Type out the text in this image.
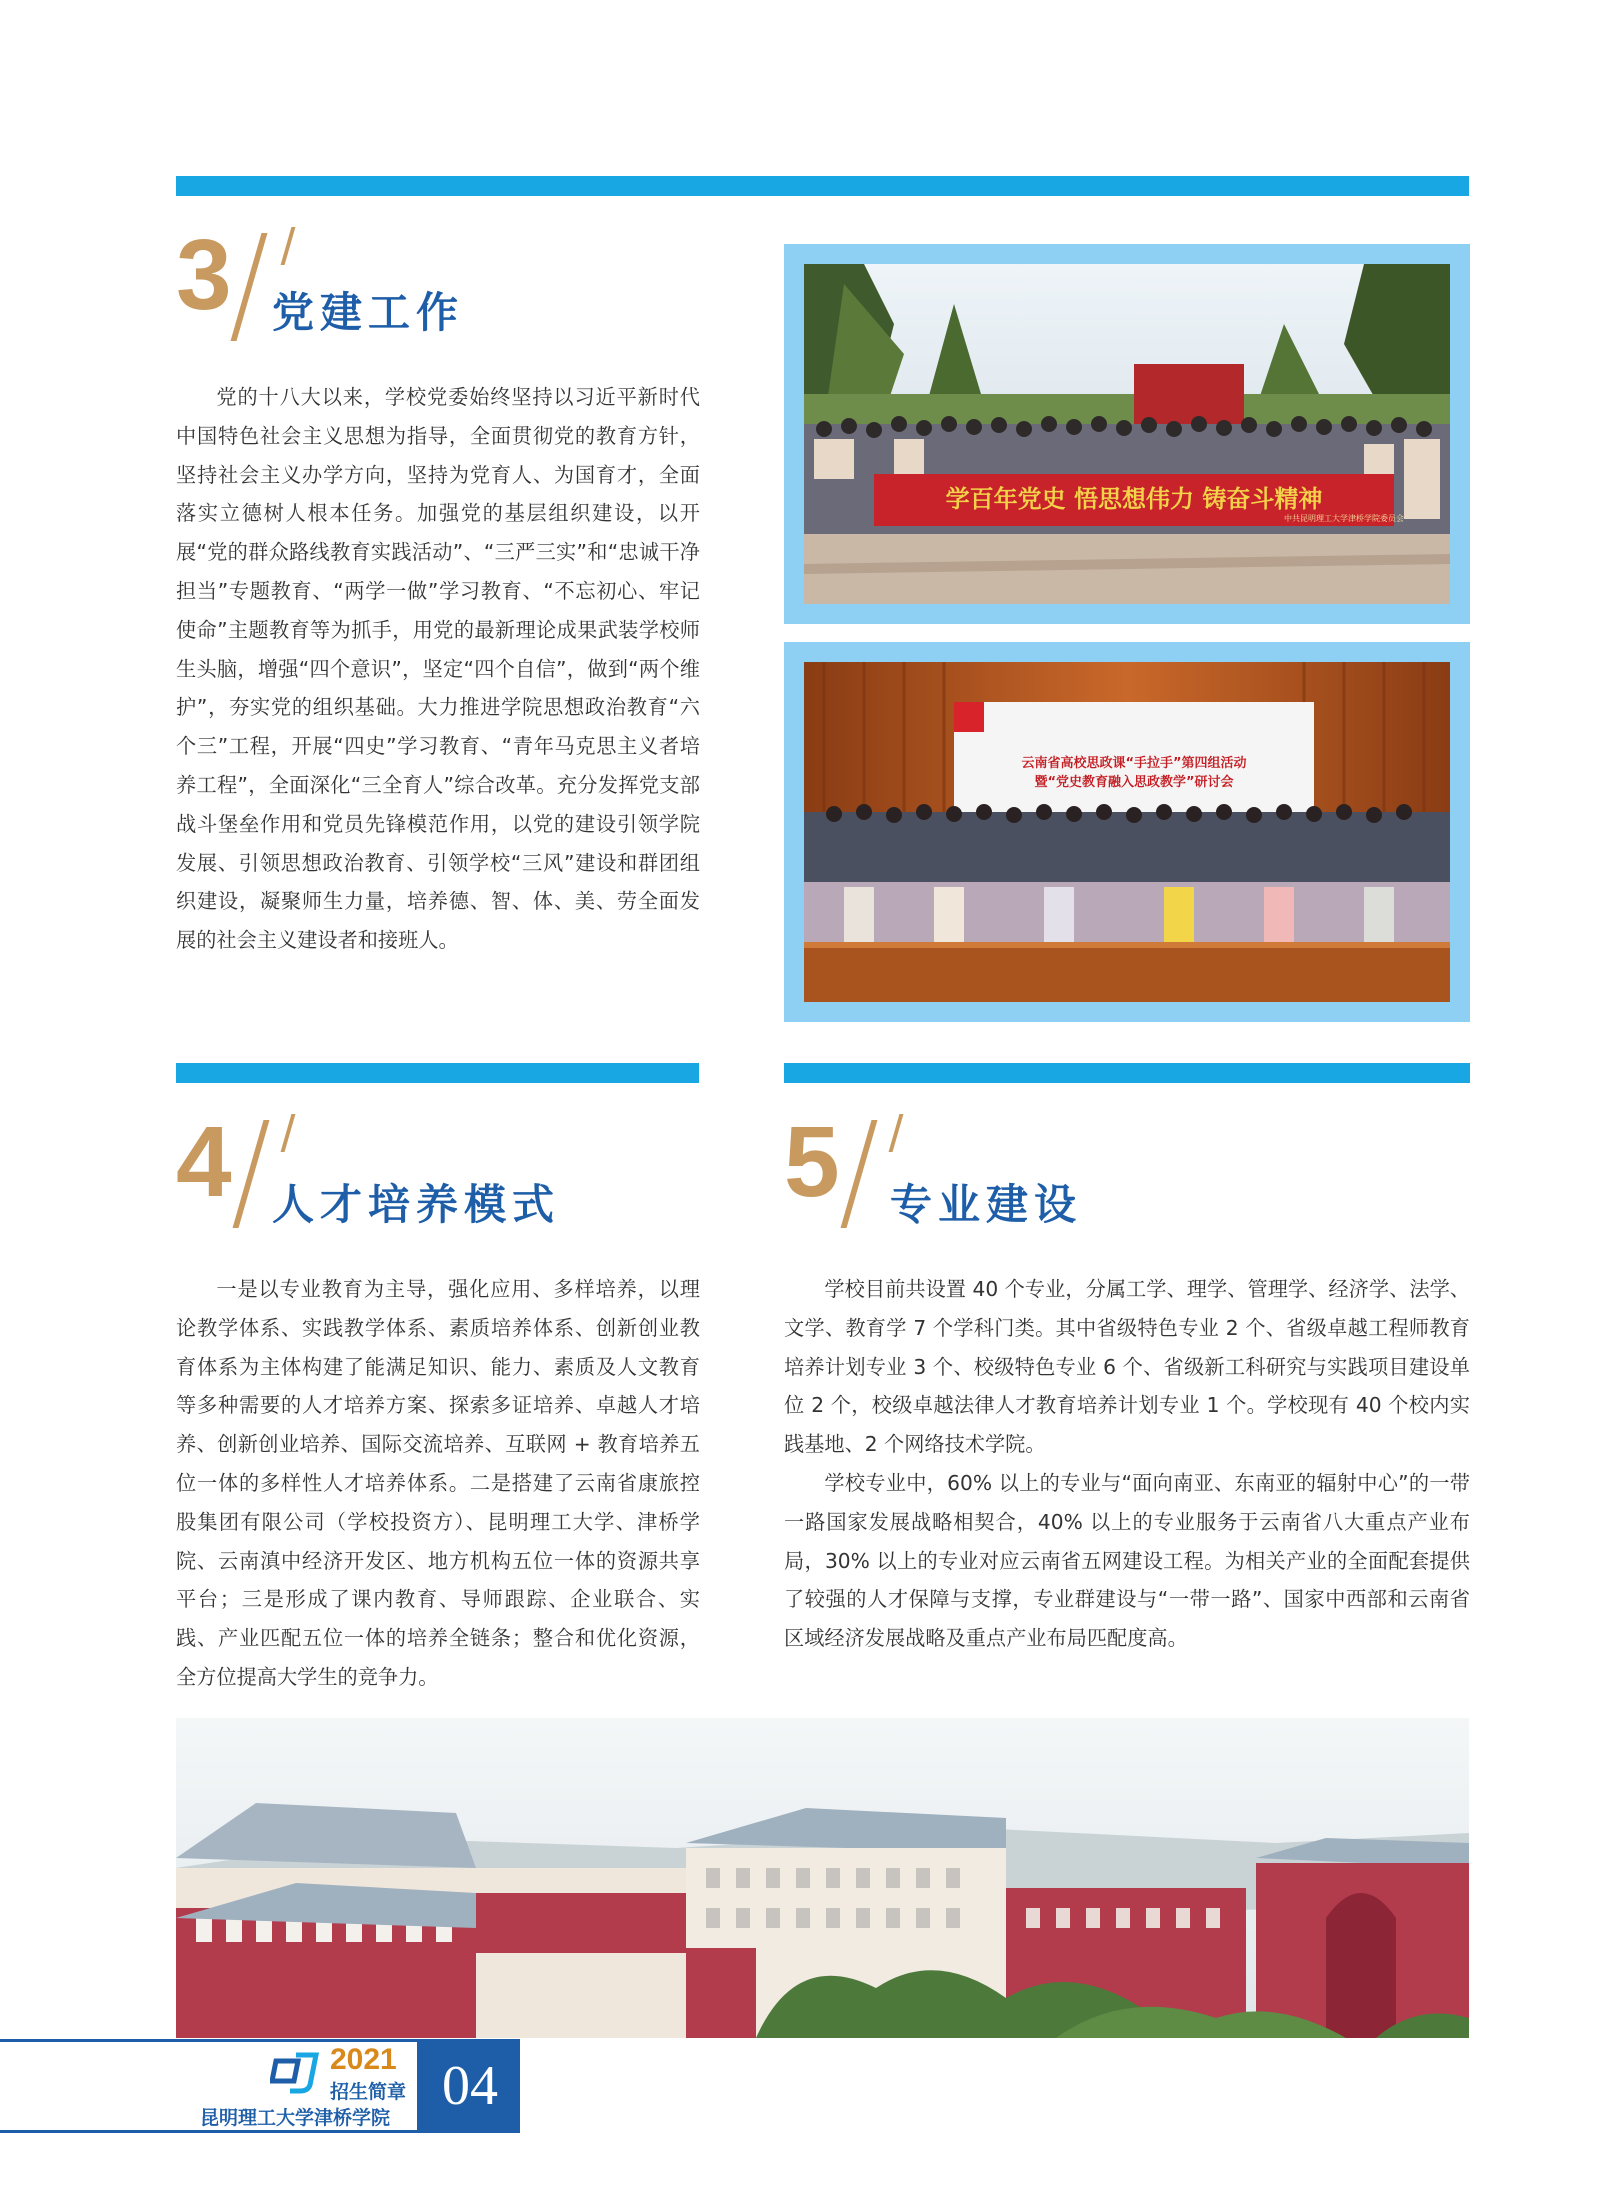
3 党建工作
党的十八大以来，学校党委始终坚持以习近平新时代中国特色社会主义思想为指导，全面贯彻党的教育方针，坚持社会主义办学方向，坚持为党育人、为国育才，全面落实立德树人根本任务。加强党的基层组织建设，以开展“党的群众路线教育实践活动”、“三严三实”和“忠诚干净担当”专题教育、“两学一做”学习教育、“不忘初心、牢记使命”主题教育等为抓手，用党的最新理论成果武装学校师生头脑，增强“四个意识”，坚定“四个自信”，做到“两个维护”，夯实党的组织基础。大力推进学院思想政治教育“六个三”工程，开展“四史”学习教育、“青年马克思主义者培养工程”，全面深化“三全育人”综合改革。充分发挥党支部战斗堡垒作用和党员先锋模范作用，以党的建设引领学院发展、引领思想政治教育、引领学校“三风”建设和群团组织建设，凝聚师生力量，培养德、智、体、美、劳全面发展的社会主义建设者和接班人。
学百年党史 悟思想伟力 铸奋斗精神
中共昆明理工大学津桥学院委员会
云南省高校思政课“手拉手”第四组活动
暨“党史教育融入思政教学”研讨会
4 人才培养模式
一是以专业教育为主导，强化应用、多样培养，以理论教学体系、实践教学体系、素质培养体系、创新创业教育体系为主体构建了能满足知识、能力、素质及人文教育等多种需要的人才培养方案、探索多证培养、卓越人才培养、创新创业培养、国际交流培养、互联网 + 教育培养五位一体的多样性人才培养体系。二是搭建了云南省康旅控股集团有限公司（学校投资方）、昆明理工大学、津桥学院、云南滇中经济开发区、地方机构五位一体的资源共享平台；三是形成了课内教育、导师跟踪、企业联合、实践、产业匹配五位一体的培养全链条；整合和优化资源，全方位提高大学生的竞争力。
5 专业建设
学校目前共设置 40 个专业，分属工学、理学、管理学、经济学、法学、文学、教育学 7 个学科门类。其中省级特色专业 2 个、省级卓越工程师教育培养计划专业 3 个、校级特色专业 6 个、省级新工科研究与实践项目建设单位 2 个，校级卓越法律人才教育培养计划专业 1 个。学校现有 40 个校内实践基地、2 个网络技术学院。
学校专业中，60% 以上的专业与“面向南亚、东南亚的辐射中心”的一带一路国家发展战略相契合，40% 以上的专业服务于云南省八大重点产业布局，30% 以上的专业对应云南省五网建设工程。为相关产业的全面配套提供了较强的人才保障与支撑，专业群建设与“一带一路”、国家中西部和云南省区域经济发展战略及重点产业布局匹配度高。
2021
招生简章
昆明理工大学津桥学院
04
